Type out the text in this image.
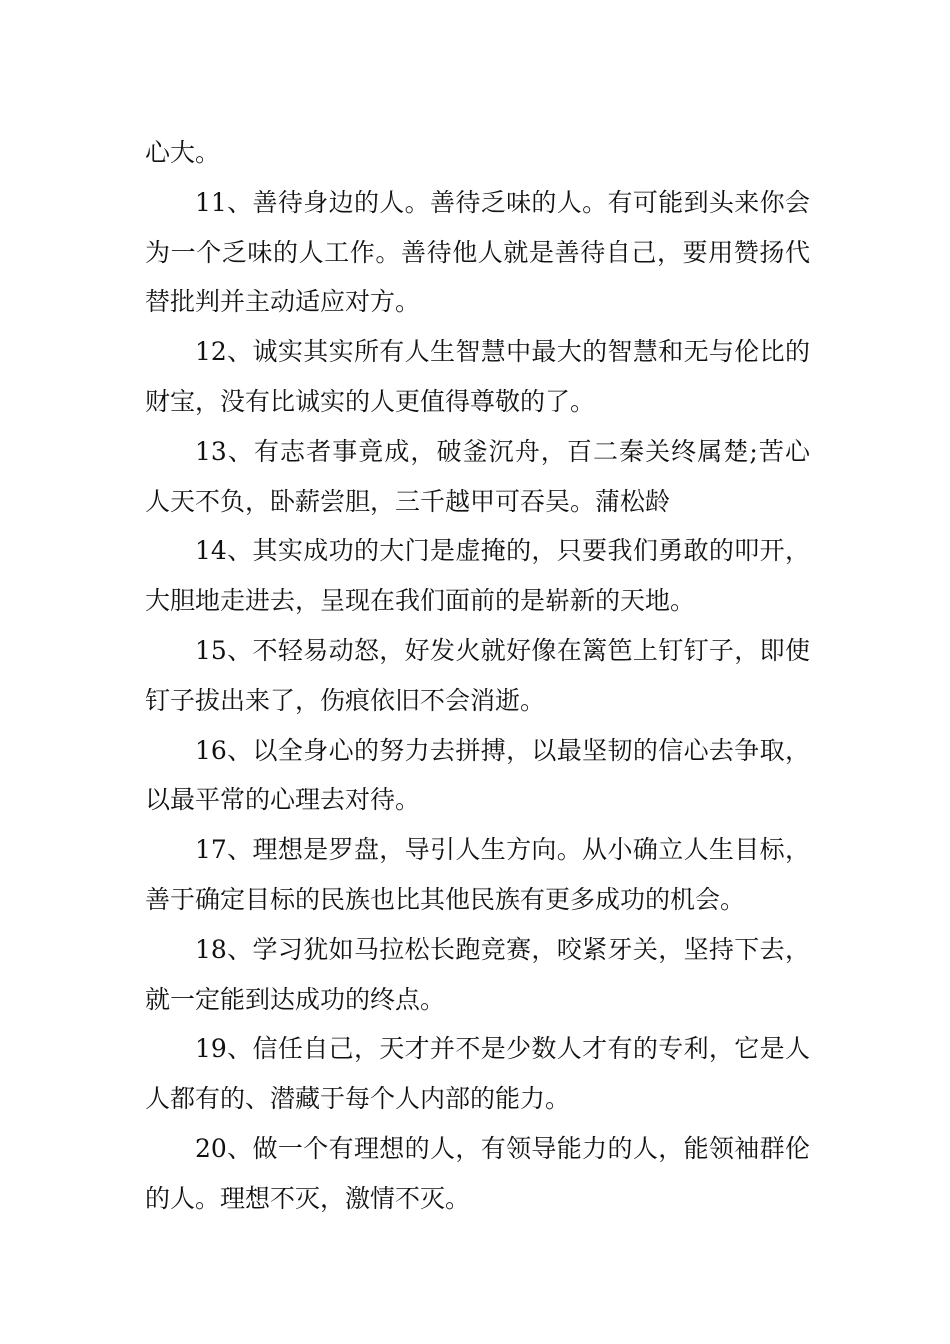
心大。

11、善待身边的人。善待乏味的人。有可能到头来你会为一个乏味的人工作。善待他人就是善待自己，要用赞扬代替批判并主动适应对方。

12、诚实其实所有人生智慧中最大的智慧和无与伦比的财宝，没有比诚实的人更值得尊敬的了。

13、有志者事竟成，破釜沉舟，百二秦关终属楚;苦心人天不负，卧薪尝胆，三千越甲可吞吴。蒲松龄

14、其实成功的大门是虚掩的，只要我们勇敢的叩开，大胆地走进去，呈现在我们面前的是崭新的天地。

15、不轻易动怒，好发火就好像在篱笆上钉钉子，即使钉子拔出来了，伤痕依旧不会消逝。

16、以全身心的努力去拼搏，以最坚韧的信心去争取，以最平常的心理去对待。

17、理想是罗盘，导引人生方向。从小确立人生目标，善于确定目标的民族也比其他民族有更多成功的机会。

18、学习犹如马拉松长跑竞赛，咬紧牙关，坚持下去，就一定能到达成功的终点。

19、信任自己，天才并不是少数人才有的专利，它是人人都有的、潜藏于每个人内部的能力。

20、做一个有理想的人，有领导能力的人，能领袖群伦的人。理想不灭，激情不灭。
